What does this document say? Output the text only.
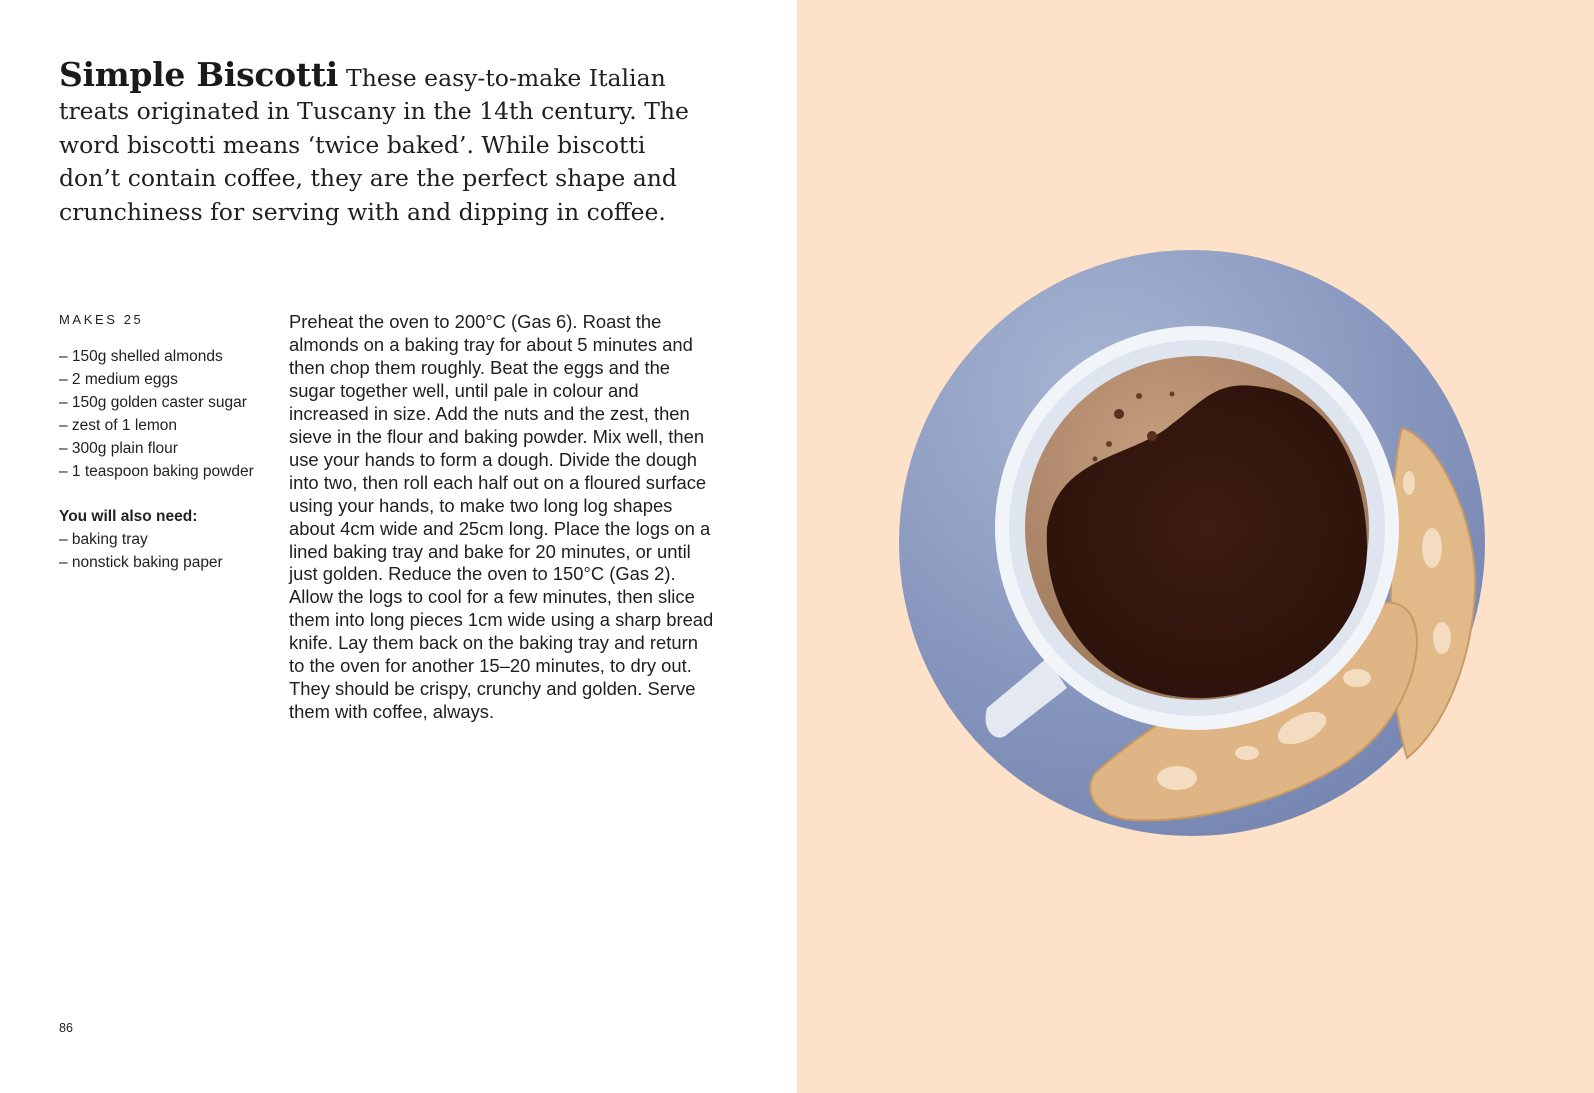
Simple Biscotti These easy-to-make Italian treats originated in Tuscany in the 14th century. The word biscotti means ‘twice baked’. While biscotti don’t contain coffee, they are the perfect shape and crunchiness for serving with and dipping in coffee.

MAKES 25
– 150g shelled almonds
– 2 medium eggs
– 150g golden caster sugar
– zest of 1 lemon
– 300g plain flour
– 1 teaspoon baking powder
You will also need:
– baking tray
– nonstick baking paper

Preheat the oven to 200°C (Gas 6). Roast the almonds on a baking tray for about 5 minutes and then chop them roughly. Beat the eggs and the sugar together well, until pale in colour and increased in size. Add the nuts and the zest, then sieve in the flour and baking powder. Mix well, then use your hands to form a dough. Divide the dough into two, then roll each half out on a floured surface using your hands, to make two long log shapes about 4cm wide and 25cm long. Place the logs on a lined baking tray and bake for 20 minutes, or until just golden. Reduce the oven to 150°C (Gas 2). Allow the logs to cool for a few minutes, then slice them into long pieces 1cm wide using a sharp bread knife. Lay them back on the baking tray and return to the oven for another 15–20 minutes, to dry out. They should be crispy, crunchy and golden. Serve them with coffee, always.

86
